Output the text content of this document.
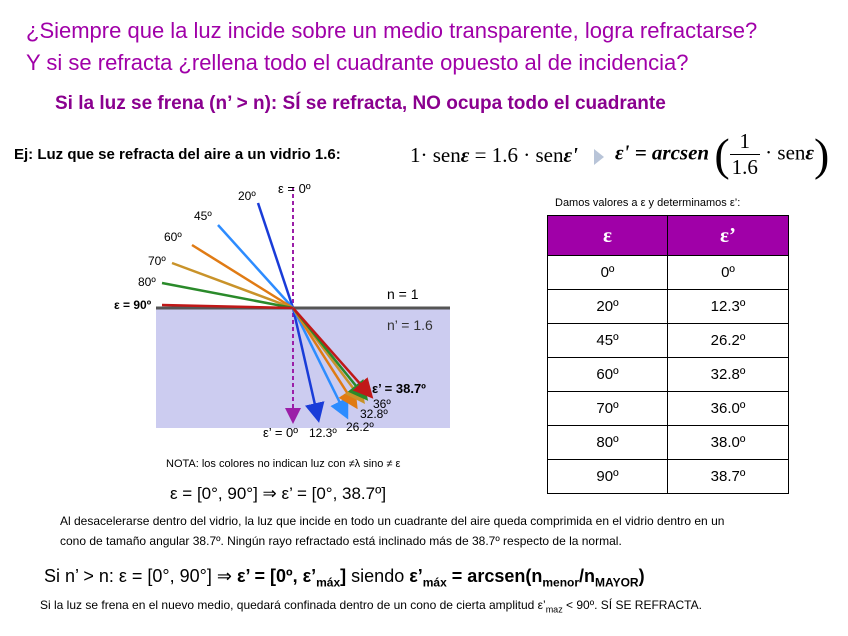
¿Siempre que la luz incide sobre un medio transparente, logra refractarse?
Y si se refracta ¿rellena todo el cuadrante opuesto al de incidencia?
Si la luz se frena (n’ > n): SÍ se refracta, NO ocupa todo el cuadrante
Ej: Luz que se refracta del aire a un vidrio 1.6:	1· senε = 1.6 · senε' ε' = arcsen ( $\frac{1}{1.6} \cdot sen\varepsilon$)
ε = 0º
20º
45º
60º
70º
80º
ε = 90º
n = 1
n’ = 1.6
ε’ = 38.7º
36º
32.8º
26.2º
12.3º
ε’ = 0º
NOTA: los colores no indican luz con ≠λ sino ≠ ε
ε = [0°, 90°] ⇒ ε’ = [0°, 38.7º]
Damos valores a ε y determinamos ε’:
ε	ε’
0º	0º
20º	12.3º
45º	26.2º
60º	32.8º
70º	36.0º
80º	38.0º
90º	38.7º
Al desacelerarse dentro del vidrio, la luz que incide en todo un cuadrante del aire queda comprimida en el vidrio dentro en un
cono de tamaño angular 38.7º. Ningún rayo refractado está inclinado más de 38.7º respecto de la normal.
Si n’ > n: ε = [0°, 90°] ⇒ ε’ = [0º, $\varepsilon’_{máx}$] siendo $\varepsilon’_{máx}$ = $arcsen(n_{menor}/n_{MAYOR})$
Si la luz se frena en el nuevo medio, quedará confinada dentro de un cono de cierta amplitud $\varepsilon’_{maz}$ < 90º. SÍ SE REFRACTA.
